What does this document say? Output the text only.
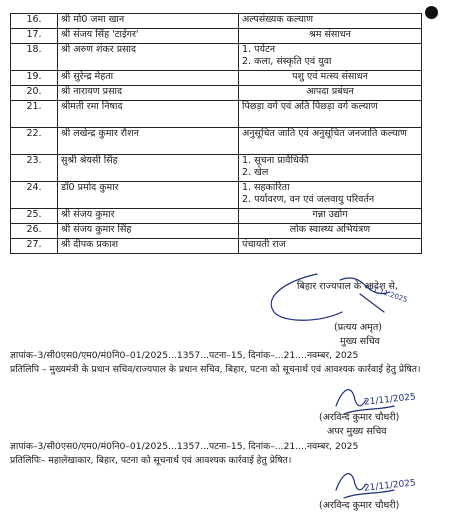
16.	श्री मो0 जमा खान	अल्पसंख्यक कल्याण

17.	श्री संजय सिंह 'टाईगर'	श्रम संसाधन

18.	श्री अरुण शंकर प्रसाद	1. पर्यटन
2. कला, संस्कृति एवं युवा

19.	श्री सुरेन्द्र मेहता	पशु एवं मत्स्य संसाधन

20.	श्री नारायण प्रसाद	आपदा प्रबंधन

21.	श्रीमती रमा निषाद	पिछड़ा वर्ग एवं अति पिछड़ा वर्ग कल्याण

22.	श्री लखेन्द्र कुमार रौशन	अनुसूचित जाति एवं अनुसूचित जनजाति कल्याण

23.	सुश्री श्रेयसी सिंह	1. सूचना प्रावैधिकी
2. खेल

24.	डॉ0 प्रमोद कुमार	1. सहकारिता
2. पर्यावरण, वन एवं जलवायु परिवर्तन

25.	श्री संजय कुमार	गन्ना उद्योग

26.	श्री संजय कुमार सिंह	लोक स्वास्थ्य अभियंत्रण

27.	श्री दीपक प्रकाश	पंचायती राज
बिहार राज्यपाल के आदेश से,
21.11.2025
(प्रत्यय अमृत)
मुख्य सचिव
ज्ञापांक–3/सी0एस0/एम0/मं0नि0–01/2025...1357...पटना–15, दिनांक–...21....नवम्बर, 2025
प्रतिलिपि – मुख्यमंत्री के प्रधान सचिव/राज्यपाल के प्रधान सचिव, बिहार, पटना को सूचनार्थ एवं आवश्यक कार्रवाई हेतु प्रेषित।
21/11/2025
(अरविन्द कुमार चौधरी)
अपर मुख्य सचिव
ज्ञापांक–3/सी0एस0/एम0/मं0नि0–01/2025...1357...पटना–15, दिनांक–...21....नवम्बर, 2025
प्रतिलिपिः– महालेखाकार, बिहार, पटना को सूचनार्थ एवं आवश्यक कार्रवाई हेतु प्रेषित।
21/11/2025
(अरविन्द कुमार चौधरी)
